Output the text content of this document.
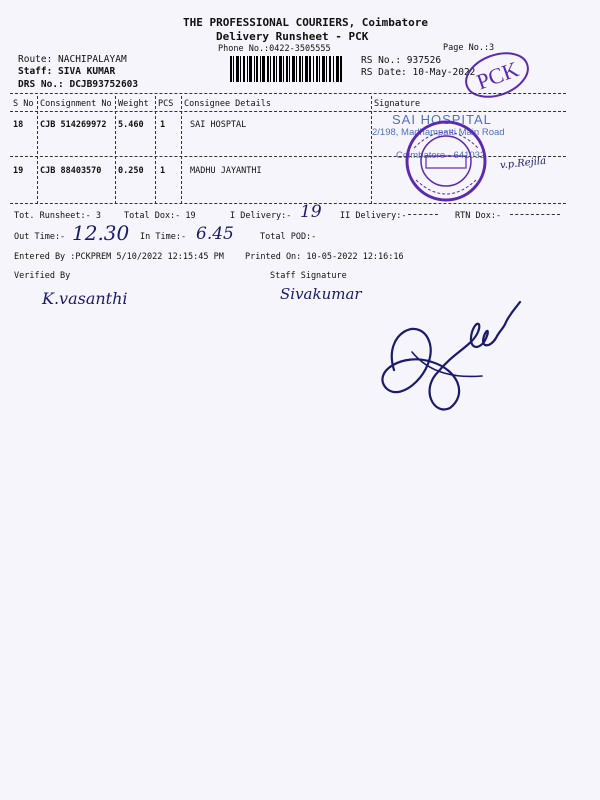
THE PROFESSIONAL COURIERS, Coimbatore
Delivery Runsheet - PCK
Phone No.:0422-3505555	Page No.:3
Route: NACHIPALAYAM
Staff: SIVA KUMAR
DRS No.: DCJB93752603
RS No.: 937526
RS Date: 10-May-2022
PCK
S No Consignment No Weight PCS Consignee Details	Signature
18 CJB 514269972 5.460 1	SAI HOSPTAL
19 CJB 88403570 0.250 1	MADHU JAYANTHI
SAI HOSPITAL
2/198, Madhampatti Main Road
Coimbatore - 641032
v.p.Rejila
Tot. Runsheet:- 3	Total Dox:- 19	I Delivery:- 19 II Delivery:-	RTN Dox:-
Out Time:- 12.30 In Time:- 6.45	Total POD:-
Entered By :PCKPREM 5/10/2022 12:15:45 PM Printed On: 10-05-2022 12:16:16
Verified By	Staff Signature
K.vasanthi	Sivakumar
